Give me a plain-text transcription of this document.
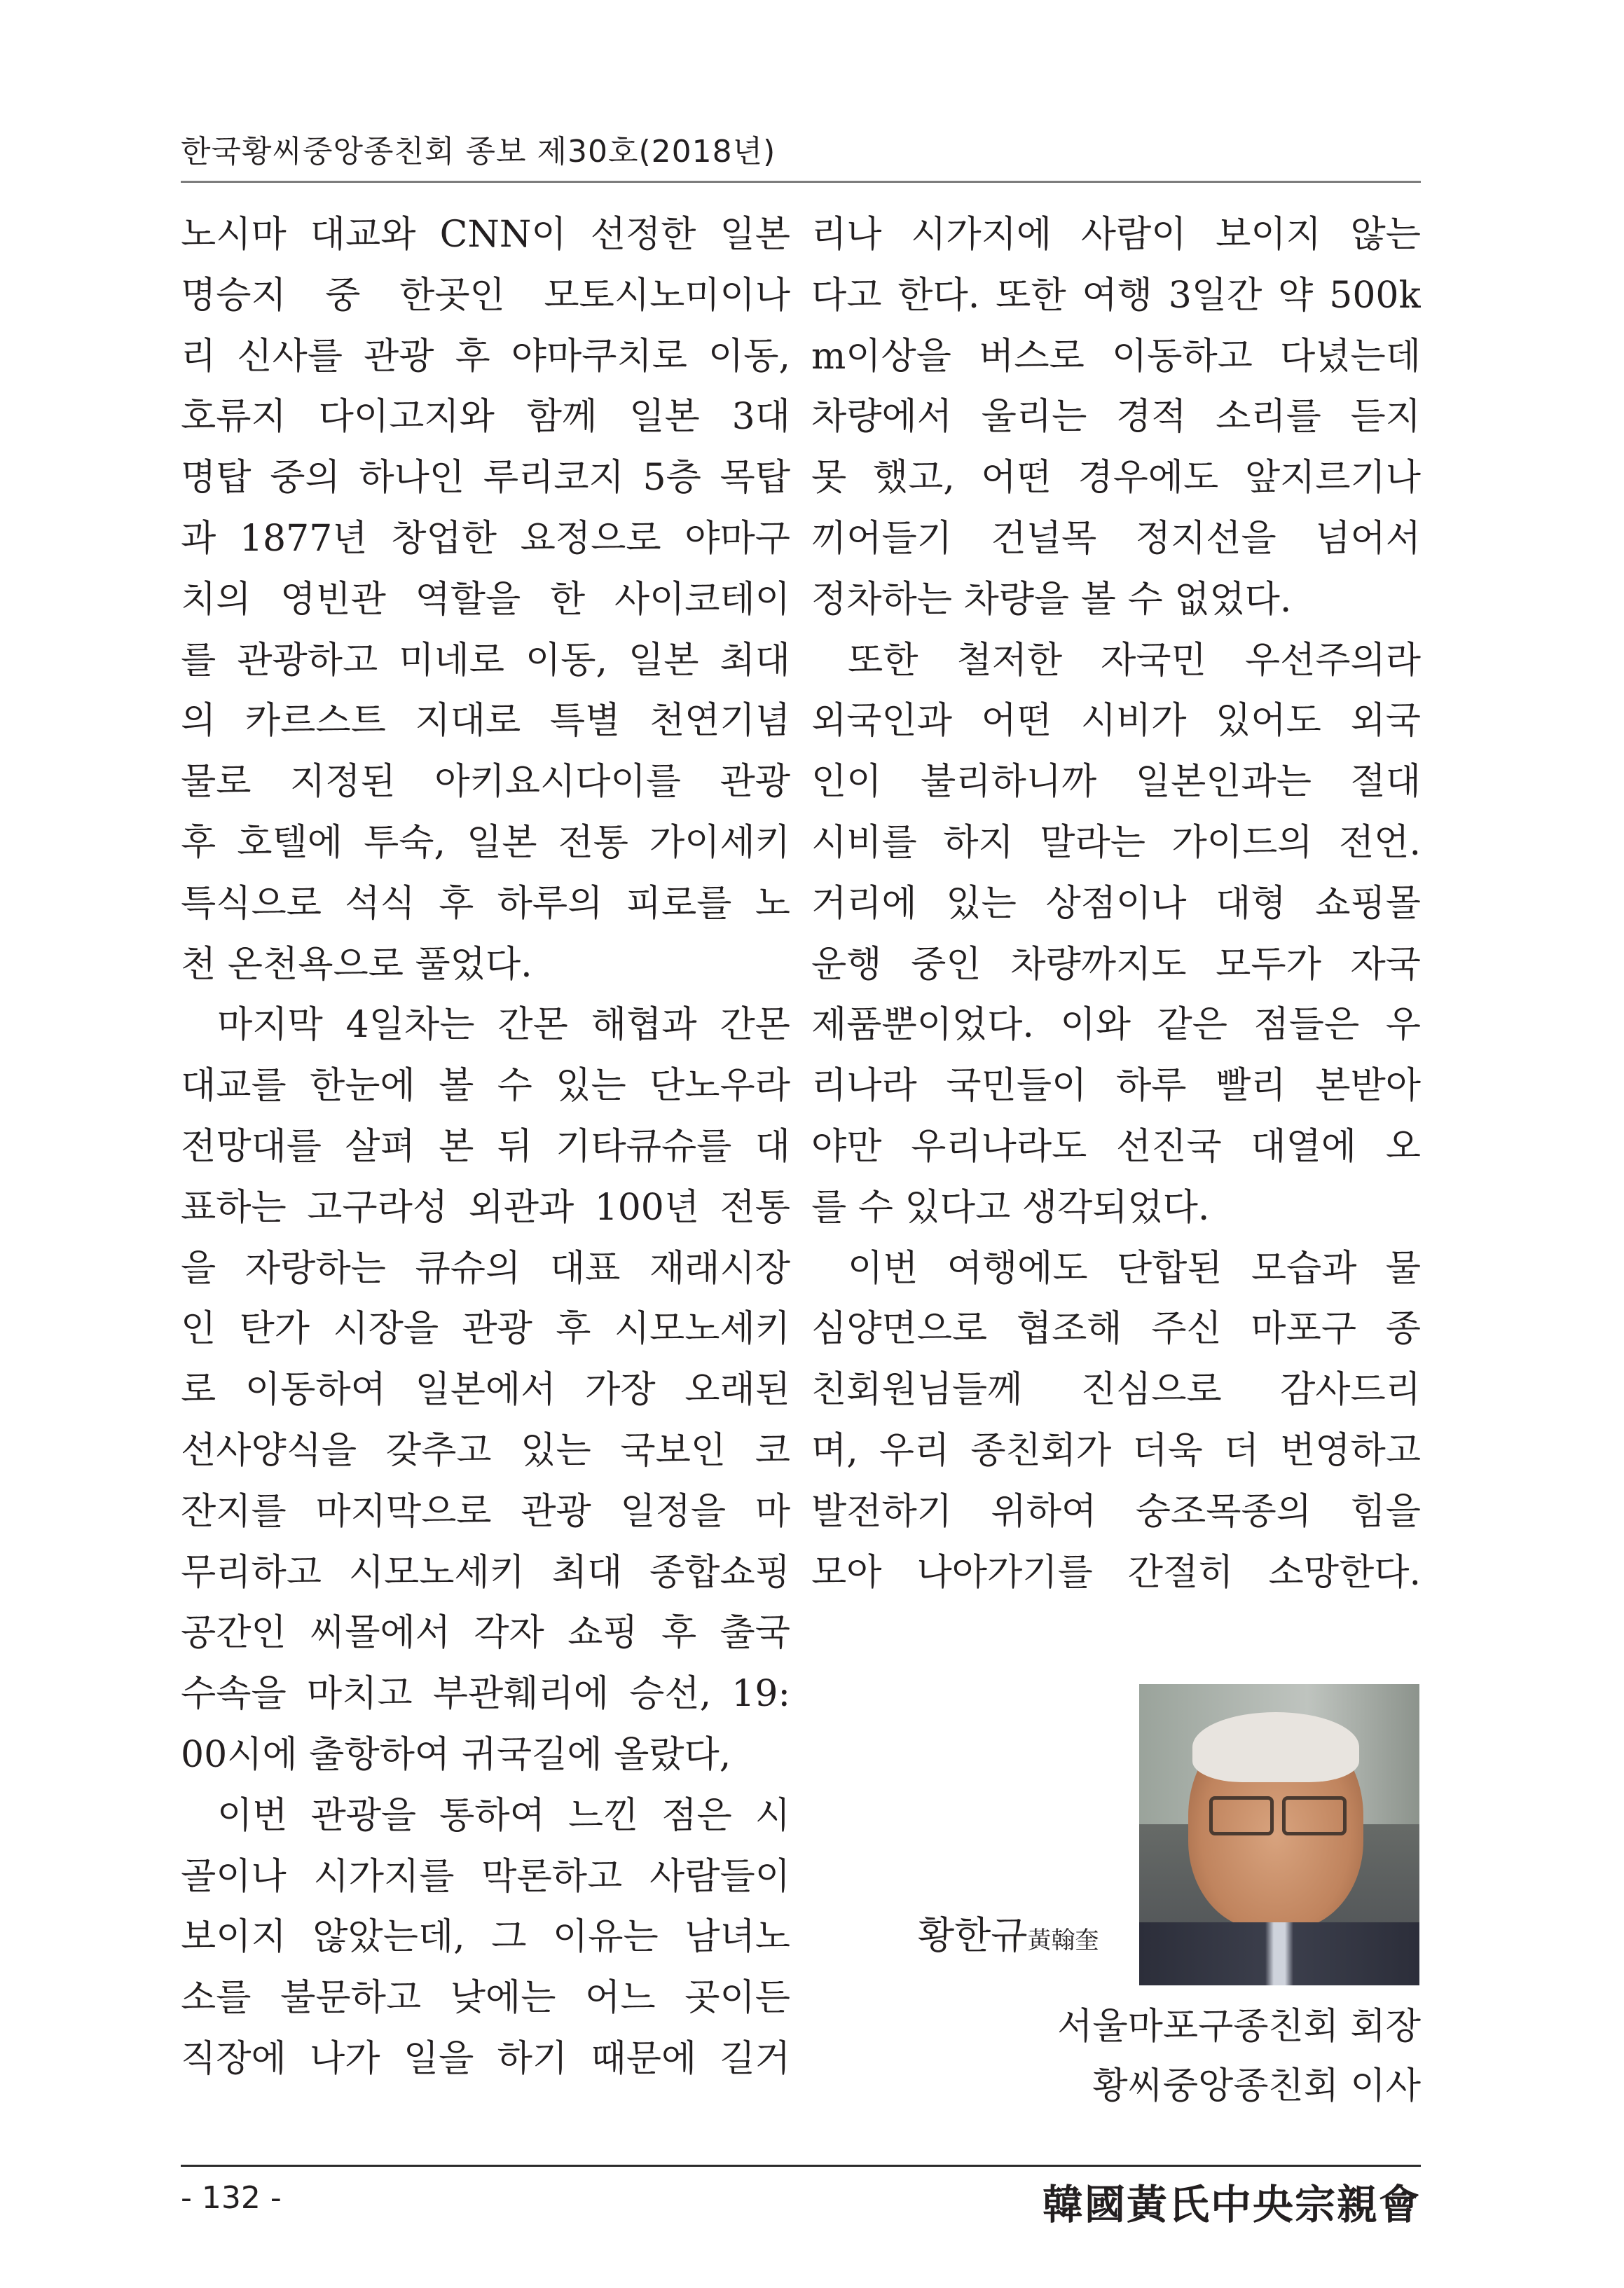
한국황씨중앙종친회 종보 제30호(2018년)
노시마 대교와 CNN이 선정한 일본
명승지 중 한곳인 모토시노미이나
리 신사를 관광 후 야마쿠치로 이동,
호류지 다이고지와 함께 일본 3대
명탑 중의 하나인 루리코지 5층 목탑
과 1877년 창업한 요정으로 야마구
치의 영빈관 역할을 한 사이코테이
를 관광하고 미네로 이동, 일본 최대
의 카르스트 지대로 특별 천연기념
물로 지정된 아키요시다이를 관광
후 호텔에 투숙, 일본 전통 가이세키
특식으로 석식 후 하루의 피로를 노
천 온천욕으로 풀었다.
마지막 4일차는 간몬 해협과 간몬
대교를 한눈에 볼 수 있는 단노우라
전망대를 살펴 본 뒤 기타큐슈를 대
표하는 고구라성 외관과 100년 전통
을 자랑하는 큐슈의 대표 재래시장
인 탄가 시장을 관광 후 시모노세키
로 이동하여 일본에서 가장 오래된
선사양식을 갖추고 있는 국보인 코
잔지를 마지막으로 관광 일정을 마
무리하고 시모노세키 최대 종합쇼핑
공간인 씨몰에서 각자 쇼핑 후 출국
수속을 마치고 부관훼리에 승선, 19:
00시에 출항하여 귀국길에 올랐다,
이번 관광을 통하여 느낀 점은 시
골이나 시가지를 막론하고 사람들이
보이지 않았는데, 그 이유는 남녀노
소를 불문하고 낮에는 어느 곳이든
직장에 나가 일을 하기 때문에 길거
리나 시가지에 사람이 보이지 않는
다고 한다. 또한 여행 3일간 약 500k
m이상을 버스로 이동하고 다녔는데
차량에서 울리는 경적 소리를 듣지
못 했고, 어떤 경우에도 앞지르기나
끼어들기 건널목 정지선을 넘어서
정차하는 차량을 볼 수 없었다.
또한 철저한 자국민 우선주의라
외국인과 어떤 시비가 있어도 외국
인이 불리하니까 일본인과는 절대
시비를 하지 말라는 가이드의 전언.
거리에 있는 상점이나 대형 쇼핑몰
운행 중인 차량까지도 모두가 자국
제품뿐이었다. 이와 같은 점들은 우
리나라 국민들이 하루 빨리 본받아
야만 우리나라도 선진국 대열에 오
를 수 있다고 생각되었다.
이번 여행에도 단합된 모습과 물
심양면으로 협조해 주신 마포구 종
친회원님들께 진심으로 감사드리
며, 우리 종친회가 더욱 더 번영하고
발전하기 위하여 숭조목종의 힘을
모아 나아가기를 간절히 소망한다.
황한규黃翰奎
서울마포구종친회 회장
황씨중앙종친회 이사
- 132 -	韓國黃氏中央宗親會
